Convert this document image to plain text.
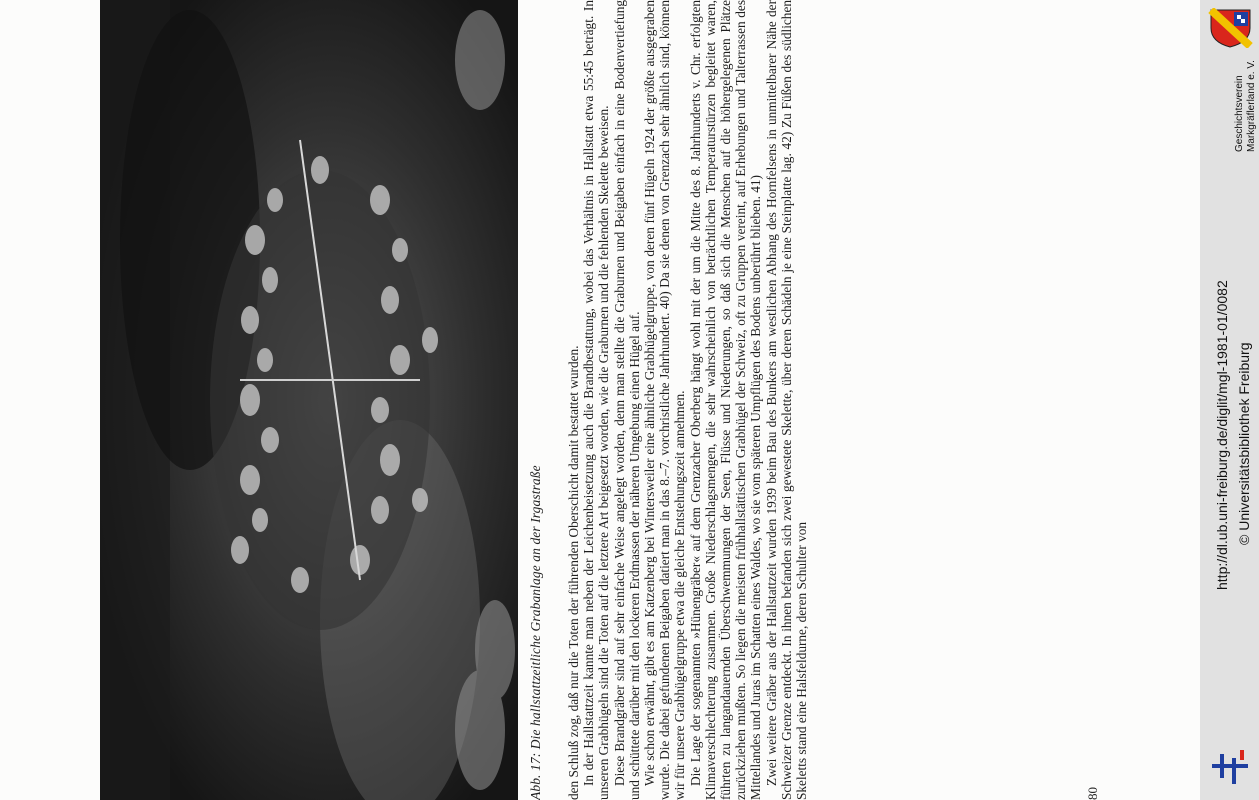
Abb. 17: Die hallstattzeitliche Grabanlage an der Irgastraße den Schluß zog, daß nur die Toten der führenden Oberschicht damit bestattet wurden. In der Hallstattzeit kannte man neben der Leichenbeisetzung auch die Brandbestattung, wobei das Verhältnis in Hallstatt etwa 55:45 beträgt. In unseren Grabhügeln sind die Toten auf die letztere Art beigesetzt worden, wie die Graburnen und die fehlenden Skelette beweisen. Diese Brandgräber sind auf sehr einfache Weise angelegt worden, denn man stellte die Graburnen und Beigaben einfach in eine Bodenvertiefung und schüttete darüber mit den lockeren Erdmassen der näheren Umgebung einen Hügel auf. Wie schon erwähnt, gibt es am Katzenberg bei Wintersweiler eine ähnliche Grabhügelgruppe, von deren fünf Hügeln 1924 der größte ausgegraben wurde. Die dabei gefundenen Beigaben datiert man in das 8.–7. vorchristliche Jahrhundert. 40) Da sie denen von Grenzach sehr ähnlich sind, können wir für unsere Grabhügelgruppe etwa die gleiche Entstehungszeit annehmen. Die Lage der sogenannten »Hünengräber« auf dem Grenzacher Oberberg hängt wohl mit der um die Mitte des 8. Jahrhunderts v. Chr. erfolgten Klimaverschlechterung zusammen. Große Niederschlagsmengen, die sehr wahrscheinlich von beträchtlichen Temperaturstürzen begleitet waren, führten zu langandauernden Überschwemmungen der Seen, Flüsse und Niederungen, so daß sich die Menschen auf die höhergelegenen Plätze zurückziehen mußten. So liegen die meisten frühhallstättischen Grabhügel der Schweiz, oft zu Gruppen vereint, auf Erhebungen und Talterrassen des Mittellandes und Juras im Schatten eines Waldes, wo sie vom späteren Umpflügen des Bodens unberührt blieben. 41) Zwei weitere Gräber aus der Hallstattzeit wurden 1939 beim Bau des Bunkers am westlichen Abhang des Hornfelsens in unmittelbarer Nähe der Schweizer Grenze entdeckt. In ihnen befanden sich zwei gewestete Skelette, über deren Schädeln je eine Steinplatte lag. 42) Zu Füßen des südlichen Skeletts stand eine Halsfeldurne, deren Schulter von	80
Geschichtsverein Markgräflerland e. V.
http://dl.ub.uni-freiburg.de/diglit/mgl-1981-01/0082 © Universitätsbibliothek Freiburg
